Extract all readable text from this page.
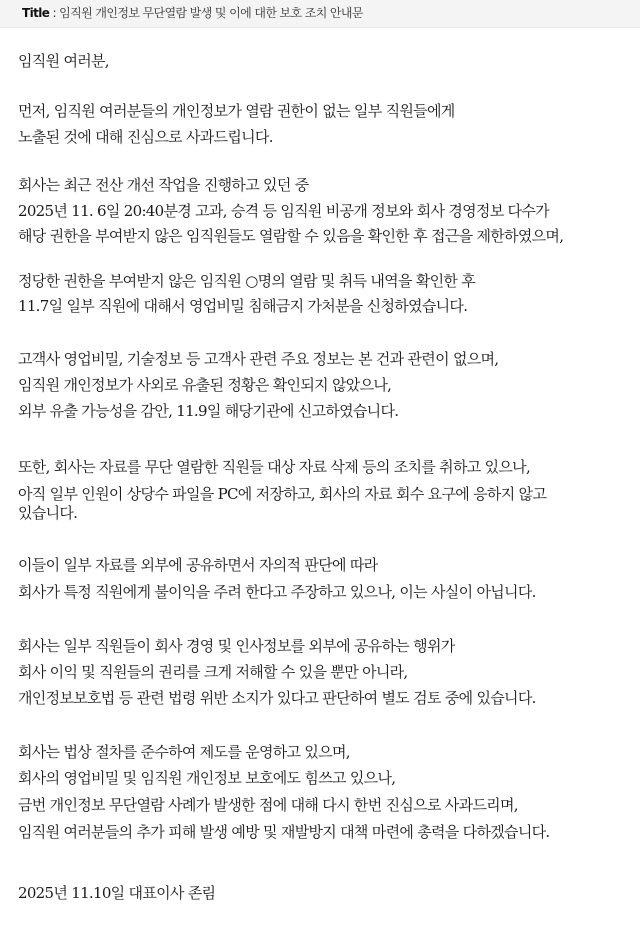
Title : 임직원 개인정보 무단열람 발생 및 이에 대한 보호 조치 안내문
임직원 여러분,
먼저, 임직원 여러분들의 개인정보가 열람 권한이 없는 일부 직원들에게
노출된 것에 대해 진심으로 사과드립니다.
회사는 최근 전산 개선 작업을 진행하고 있던 중
2025년 11. 6일 20:40분경 고과, 승격 등 임직원 비공개 정보와 회사 경영정보 다수가
해당 권한을 부여받지 않은 임직원들도 열람할 수 있음을 확인한 후 접근을 제한하였으며,
정당한 권한을 부여받지 않은 임직원 ○명의 열람 및 취득 내역을 확인한 후
11.7일 일부 직원에 대해서 영업비밀 침해금지 가처분을 신청하였습니다.
고객사 영업비밀, 기술정보 등 고객사 관련 주요 정보는 본 건과 관련이 없으며,
임직원 개인정보가 사외로 유출된 정황은 확인되지 않았으나,
외부 유출 가능성을 감안, 11.9일 해당기관에 신고하였습니다.
또한, 회사는 자료를 무단 열람한 직원들 대상 자료 삭제 등의 조치를 취하고 있으나,
아직 일부 인원이 상당수 파일을 PC에 저장하고, 회사의 자료 회수 요구에 응하지 않고
있습니다.
이들이 일부 자료를 외부에 공유하면서 자의적 판단에 따라
회사가 특정 직원에게 불이익을 주려 한다고 주장하고 있으나, 이는 사실이 아닙니다.
회사는 일부 직원들이 회사 경영 및 인사정보를 외부에 공유하는 행위가
회사 이익 및 직원들의 권리를 크게 저해할 수 있을 뿐만 아니라,
개인정보보호법 등 관련 법령 위반 소지가 있다고 판단하여 별도 검토 중에 있습니다.
회사는 법상 절차를 준수하여 제도를 운영하고 있으며,
회사의 영업비밀 및 임직원 개인정보 보호에도 힘쓰고 있으나,
금번 개인정보 무단열람 사례가 발생한 점에 대해 다시 한번 진심으로 사과드리며,
임직원 여러분들의 추가 피해 발생 예방 및 재발방지 대책 마련에 총력을 다하겠습니다.
2025년 11.10일 대표이사 존림
